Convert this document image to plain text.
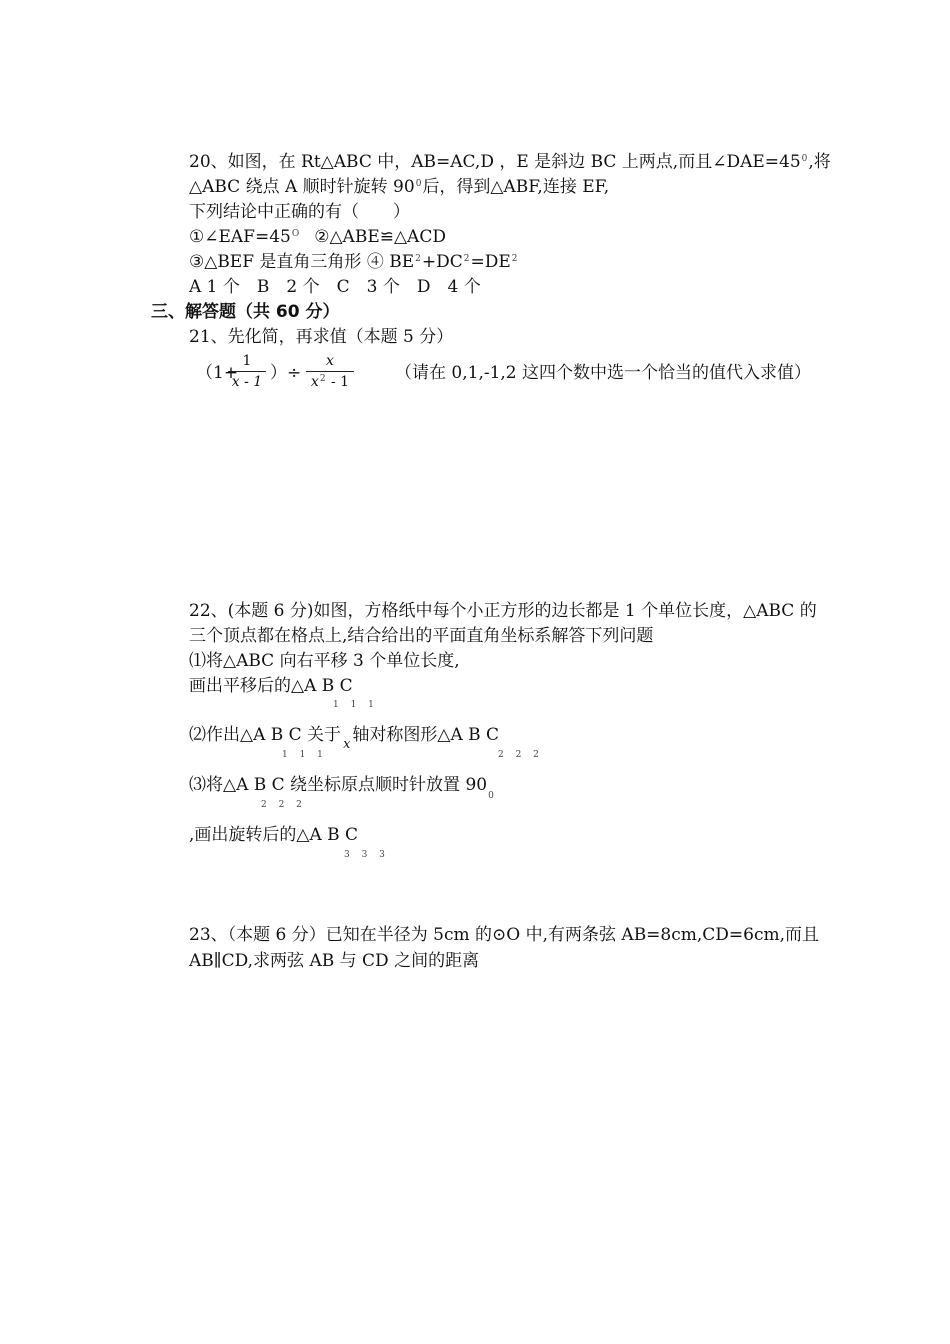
20、如图，在 Rt△ABC 中，AB=AC,D ，E 是斜边 BC 上两点,而且$\angle DAE=45^0$,将
△ABC 绕点 A 顺时针旋转 $90^0$后，得到△ABF,连接 EF,
下列结论中正确的有（　　）
$①\angle EAF=45^O$ ②△ABE≌△ACD
③△BEF 是直角三角形 ④ $BE^2+DC^2=DE^2$
A 1 个　B　2 个　C　3 个　D　4 个
三、解答题（共 60 分）
21、先化简，再求值（本题 5 分）
（1+
1
x - 1 ）÷
x
$x^2 - 1$	（请在 0,1,-1,2 这四个数中选一个恰当的值代入求值）
22、(本题 6 分)如图，方格纸中每个小正方形的边长都是 1 个单位长度，△ABC 的
三个顶点都在格点上,结合给出的平面直角坐标系解答下列问题
⑴将△ABC 向右平移 3 个单位长度,
画出平移后的△A B C
1　 1　 1
⑵作出△A B C 关于 $_x$ 轴对称图形△A B C
1　 1　 1	2　 2　 2
⑶将△A B C 绕坐标原点顺时针放置 $90_0$
2　 2　 2
,画出旋转后的△A B C
3　 3　 3
23、（本题 6 分）已知在半径为 5cm 的⊙O 中,有两条弦 AB=8cm,CD=6cm,而且
AB∥CD,求两弦 AB 与 CD 之间的距离
